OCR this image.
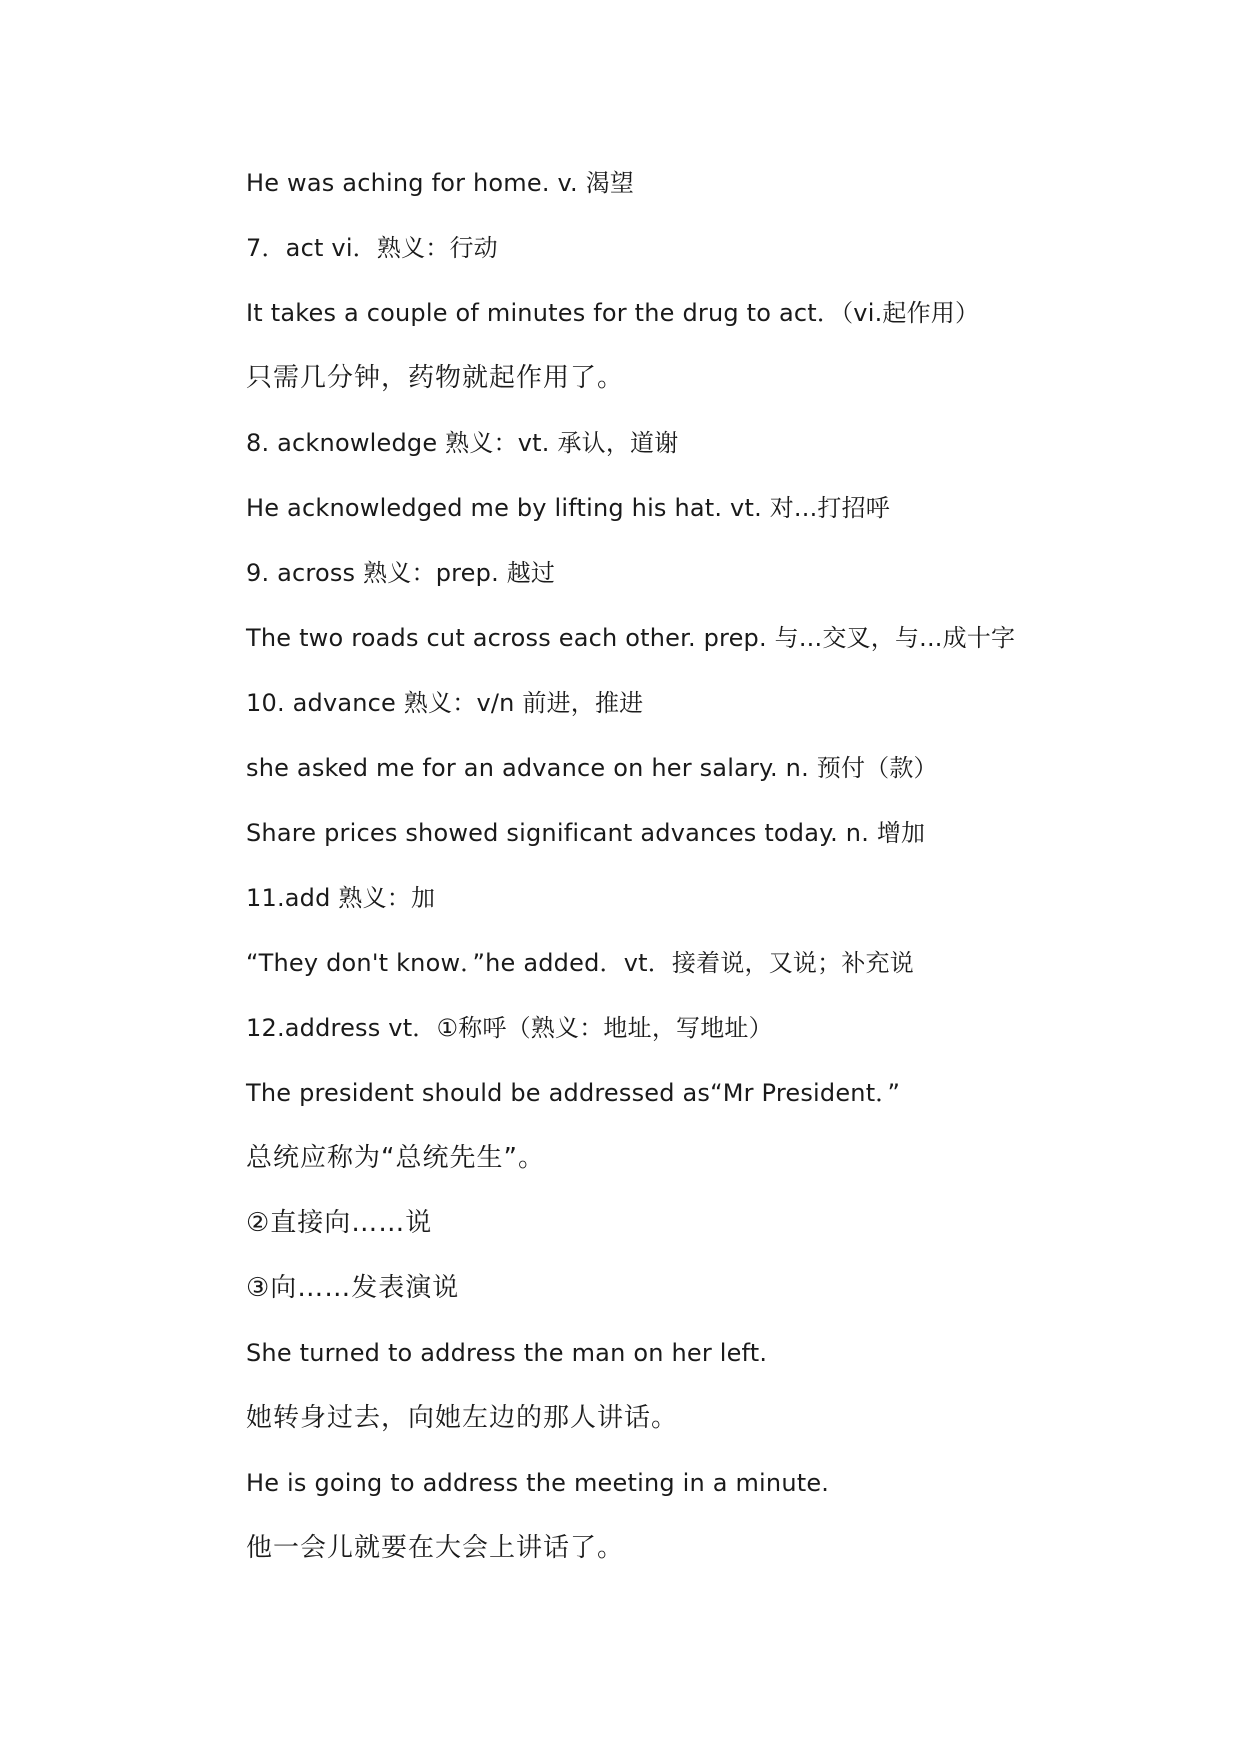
He was aching for home. v. 渴望
7．act vi．熟义：行动
It takes a couple of minutes for the drug to act．（vi.起作用）
只需几分钟，药物就起作用了。
8. acknowledge 熟义：vt. 承认，道谢
He acknowledged me by lifting his hat. vt. 对...打招呼
9. across 熟义：prep. 越过
The two roads cut across each other. prep. 与...交叉，与...成十字
10. advance 熟义：v/n 前进，推进
she asked me for an advance on her salary. n. 预付（款）
Share prices showed significant advances today. n. 增加
11.add 熟义：加
“They don't know．”he added．vt．接着说，又说；补充说
12.address vt．①称呼（熟义：地址，写地址）
The president should be addressed as“Mr President．”
总统应称为“总统先生”。
②直接向……说
③向……发表演说
She turned to address the man on her left.
她转身过去，向她左边的那人讲话。
He is going to address the meeting in a minute.
他一会儿就要在大会上讲话了。
